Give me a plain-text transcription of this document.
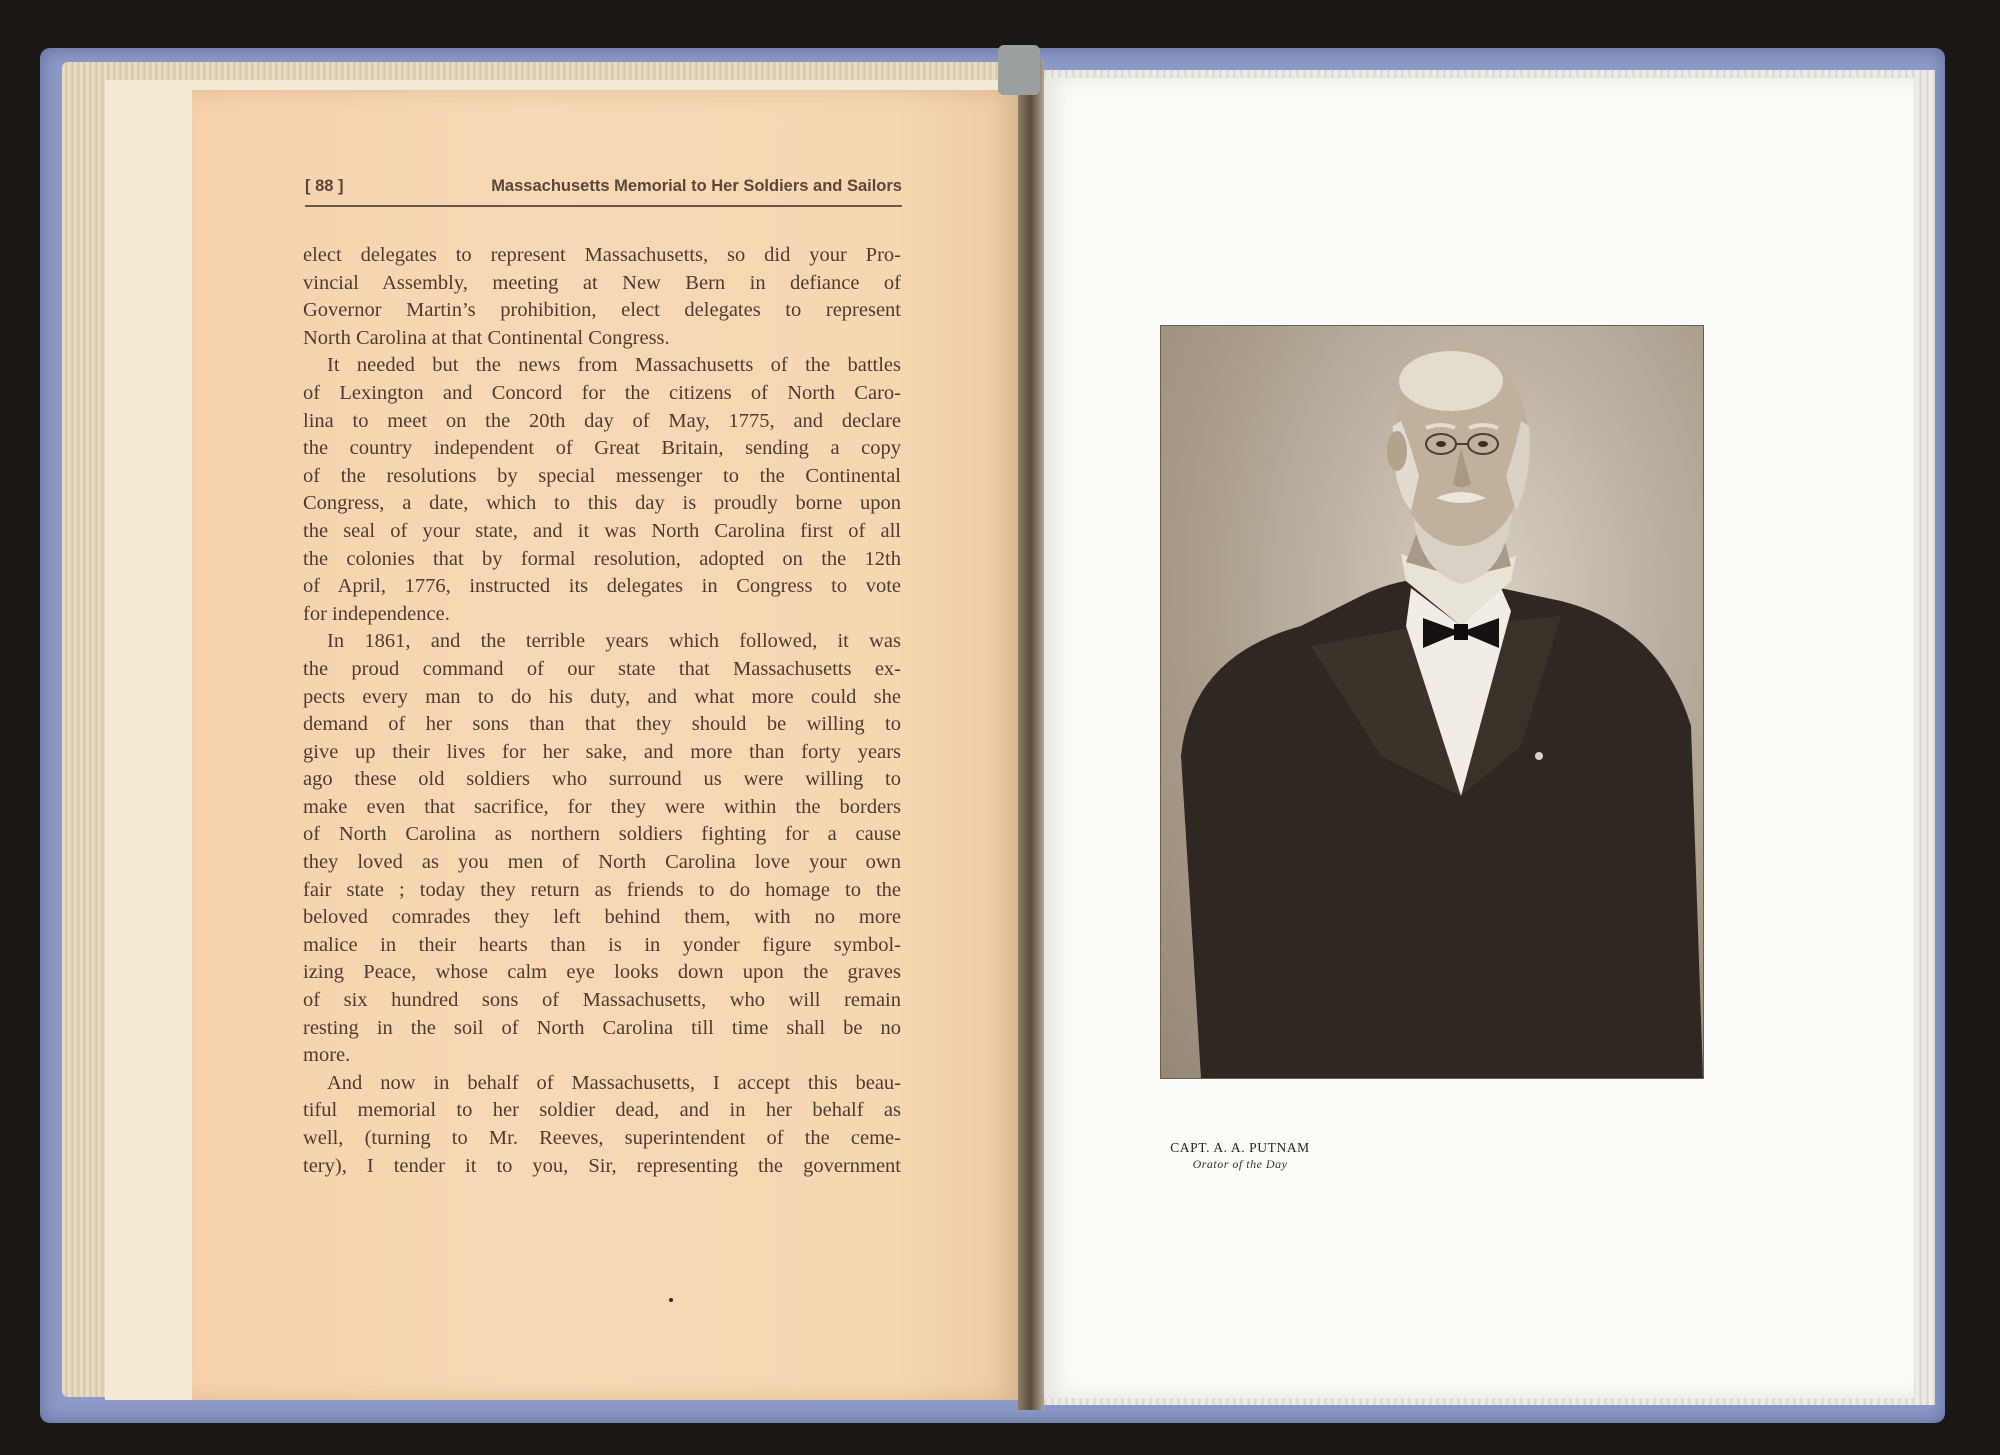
[ 88 ]	Massachusetts Memorial to Her Soldiers and Sailors
elect delegates to represent Massachusetts, so did your Pro-
vincial Assembly, meeting at New Bern in defiance of
Governor Martin’s prohibition, elect delegates to represent
North Carolina at that Continental Congress.
It needed but the news from Massachusetts of the battles
of Lexington and Concord for the citizens of North Caro-
lina to meet on the 20th day of May, 1775, and declare
the country independent of Great Britain, sending a copy
of the resolutions by special messenger to the Continental
Congress, a date, which to this day is proudly borne upon
the seal of your state, and it was North Carolina first of all
the colonies that by formal resolution, adopted on the 12th
of April, 1776, instructed its delegates in Congress to vote
for independence.
In 1861, and the terrible years which followed, it was
the proud command of our state that Massachusetts ex-
pects every man to do his duty, and what more could she
demand of her sons than that they should be willing to
give up their lives for her sake, and more than forty years
ago these old soldiers who surround us were willing to
make even that sacrifice, for they were within the borders
of North Carolina as northern soldiers fighting for a cause
they loved as you men of North Carolina love your own
fair state ; today they return as friends to do homage to the
beloved comrades they left behind them, with no more
malice in their hearts than is in yonder figure symbol-
izing Peace, whose calm eye looks down upon the graves
of six hundred sons of Massachusetts, who will remain
resting in the soil of North Carolina till time shall be no
more.
And now in behalf of Massachusetts, I accept this beau-
tiful memorial to her soldier dead, and in her behalf as
well, (turning to Mr. Reeves, superintendent of the ceme-
tery), I tender it to you, Sir, representing the government
CAPT. A. A. PUTNAM
Orator of the Day
